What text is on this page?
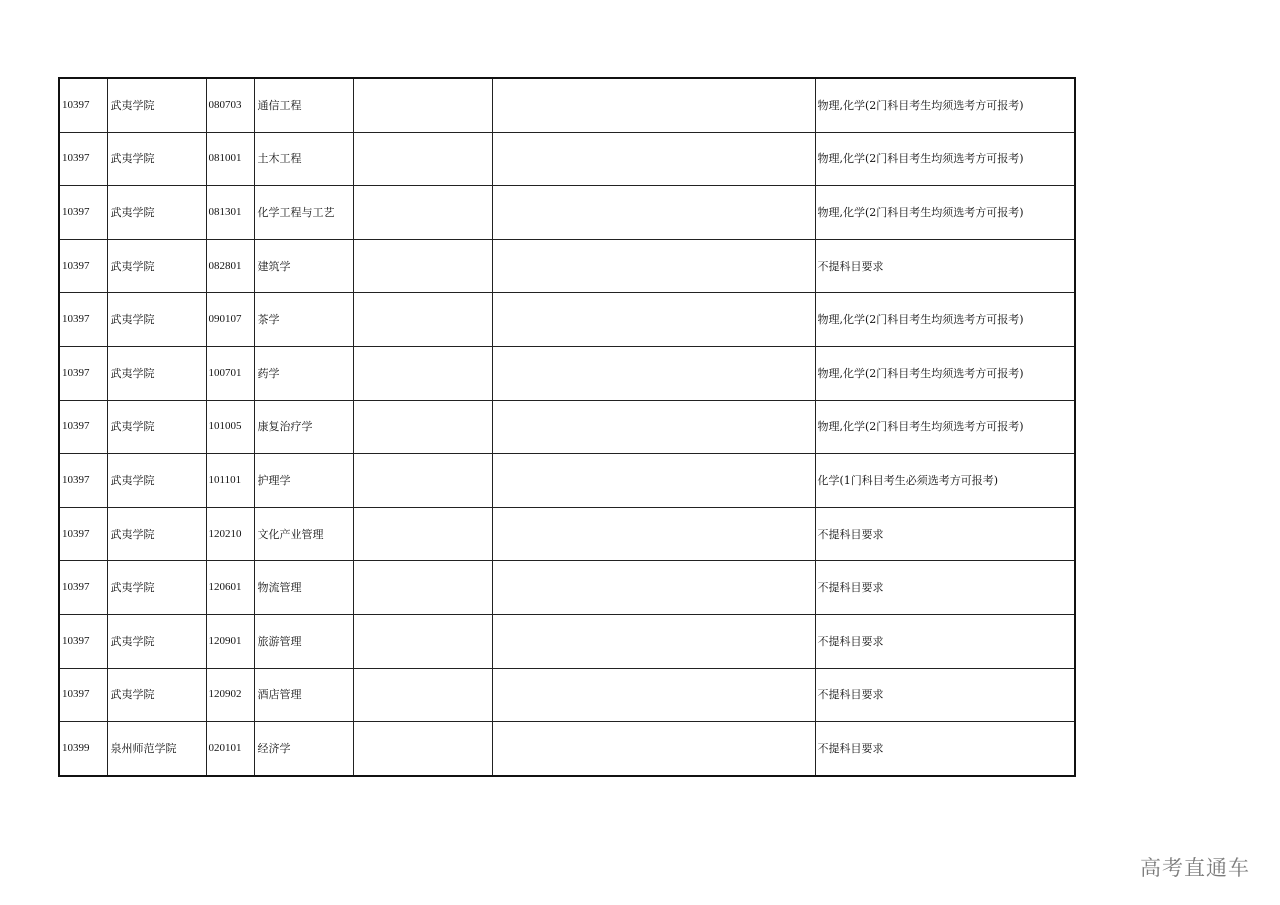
10397	武夷学院	080703	通信工程			物理,化学(2门科目考生均须选考方可报考)
10397	武夷学院	081001	土木工程			物理,化学(2门科目考生均须选考方可报考)
10397	武夷学院	081301	化学工程与工艺			物理,化学(2门科目考生均须选考方可报考)
10397	武夷学院	082801	建筑学			不提科目要求
10397	武夷学院	090107	茶学			物理,化学(2门科目考生均须选考方可报考)
10397	武夷学院	100701	药学			物理,化学(2门科目考生均须选考方可报考)
10397	武夷学院	101005	康复治疗学			物理,化学(2门科目考生均须选考方可报考)
10397	武夷学院	101101	护理学			化学(1门科目考生必须选考方可报考)
10397	武夷学院	120210	文化产业管理			不提科目要求
10397	武夷学院	120601	物流管理			不提科目要求
10397	武夷学院	120901	旅游管理			不提科目要求
10397	武夷学院	120902	酒店管理			不提科目要求
10399	泉州师范学院	020101	经济学			不提科目要求
高考直通车
